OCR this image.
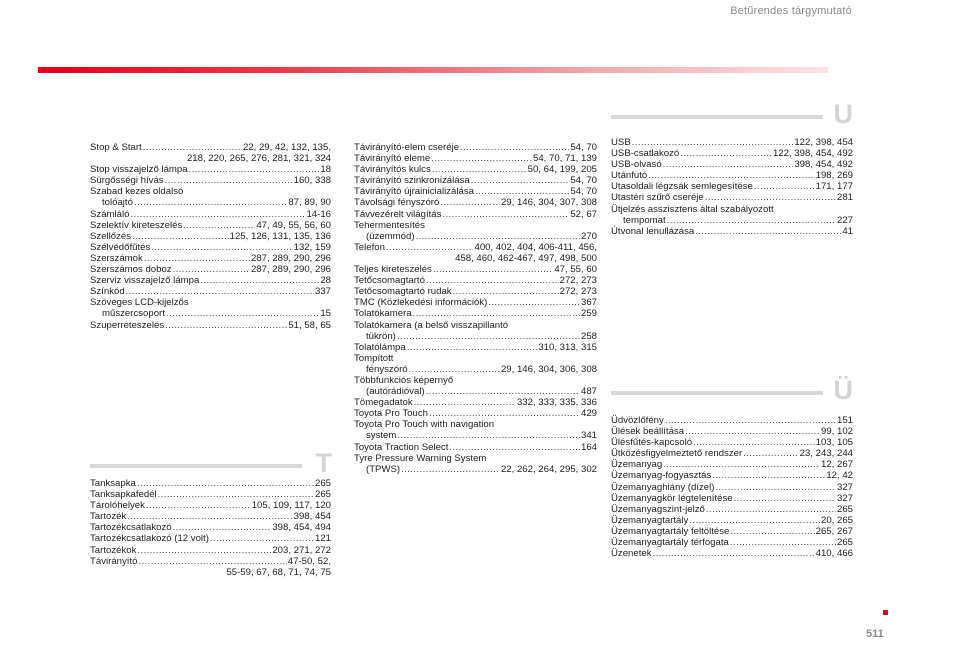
Betűrendes tárgymutató
U
Ü
T
Stop & Start .....	22, 29, 42, 132, 135,
218, 220, 265, 276, 281, 321, 324
Stop visszajelző lámpa .....	18
Sürgősségi hívás .....	160, 338
Szabad kezes oldalsó
tolóajtó .....	87, 89, 90
Számláló .....	14-16
Szelektív kireteszelés .....	47, 49, 55, 56, 60
Szellőzés .....	125, 126, 131, 135, 136
Szélvédőfűtés .....	132, 159
Szerszámok .....	287, 289, 290, 296
Szerszámos doboz .....	287, 289, 290, 296
Szerviz visszajelző lámpa .....	28
Színkód .....	337
Szöveges LCD-kijelzős
műszercsoport .....	15
Szuperreteszelés .....	51, 58, 65
Tanksapka .....	265
Tanksapkafedél .....	265
Tárolóhelyek .....	105, 109, 117, 120
Tartozék .....	398, 454
Tartozékcsatlakozó .....	398, 454, 494
Tartozékcsatlakozó (12 volt) .....	121
Tartozékok .....	203, 271, 272
Távirányító .....	47-50, 52,
55-59, 67, 68, 71, 74, 75
Távirányító-elem cseréje .....	54, 70
Távirányító eleme .....	54, 70, 71, 139
Távirányítós kulcs .....	50, 64, 199, 205
Távirányító szinkronizálása .....	54, 70
Távirányító újrainicializálása .....	54, 70
Távolsági fényszóró .....	29, 146, 304, 307, 308
Távvezérelt világítás .....	52, 67
Tehermentesítés
(üzemmód) .....	270
Telefon .....	400, 402, 404, 406-411, 456,
458, 460, 462-467, 497, 498, 500
Teljes kireteszelés .....	47, 55, 60
Tetőcsomagtartó .....	272, 273
Tetőcsomagtartó rudak .....	272, 273
TMC (Közlekedési információk) .....	367
Tolatókamera .....	259
Tolatókamera (a belső visszapillantó
tükrön) .....	258
Tolatólámpa .....	310, 313, 315
Tompított
fényszóró .....	29, 146, 304, 306, 308
Többfunkciós képernyő
(autórádióval) .....	487
Tömegadatok .....	332, 333, 335, 336
Toyota Pro Touch .....	429
Toyota Pro Touch with navigation
system .....	341
Toyota Traction Select .....	164
Tyre Pressure Warning System
(TPWS) .....	22, 262, 264, 295, 302
USB .....	122, 398, 454
USB-csatlakozó .....	122, 398, 454, 492
USB-olvasó .....	398, 454, 492
Utánfutó .....	198, 269
Utasoldali légzsák semlegesítése .....	171, 177
Utastéri szűrő cseréje .....	281
Ütjelzés asszisztens által szabályozott
tempomat .....	227
Útvonal lenullázása .....	41
Üdvözlőfény .....	151
Ülések beállítása .....	99, 102
Ülésfűtés-kapcsoló .....	103, 105
Ütközésfigyelmeztető rendszer .....	23, 243, 244
Üzemanyag .....	12, 267
Üzemanyag-fogyasztás .....	12, 42
Üzemanyaghiány (dízel) .....	327
Üzemanyagkör légtelenítése .....	327
Üzemanyagszint-jelző .....	265
Üzemanyagtartály .....	20, 265
Üzemanyagtartály feltöltése .....	265, 267
Üzemanyagtartály térfogata .....	265
Üzenetek .....	410, 466
511
